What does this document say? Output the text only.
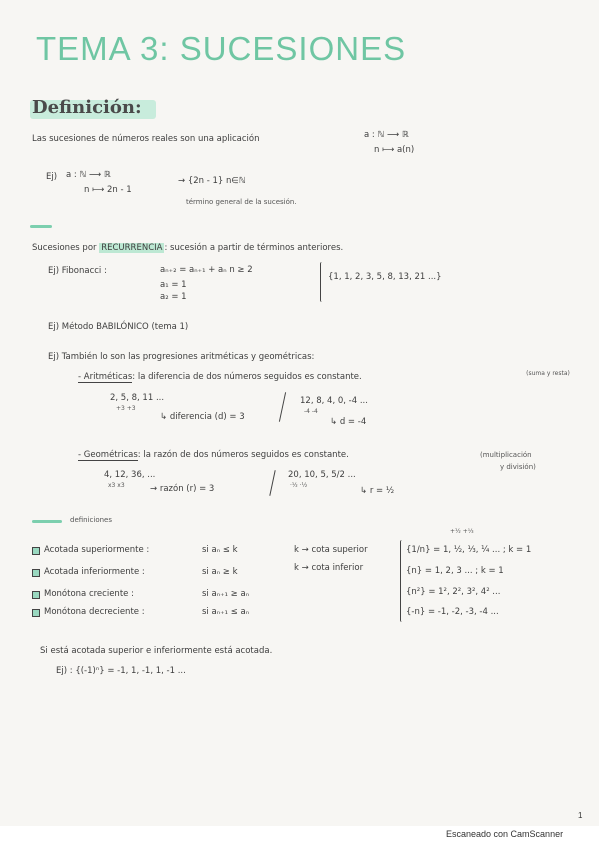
TEMA 3: SUCESIONES
Definición:
Las sucesiones de números reales son una aplicación	a : ℕ ⟶ ℝ
n ⟼ a(n)
Ej) a : ℕ ⟶ ℝ
n ⟼ 2n - 1
→ {2n - 1} n∈ℕ
término general de la sucesión.
Sucesiones por RECURRENCIA : sucesión a partir de términos anteriores.
Ej) Fibonacci :	aₙ₊₂ = aₙ₊₁ + aₙ n ≥ 2
a₁ = 1
a₂ = 1
{1, 1, 2, 3, 5, 8, 13, 21 ...}
Ej) Método BABILÓNICO (tema 1)
Ej) También lo son las progresiones aritméticas y geométricas:
- Aritméticas: la diferencia de dos números seguidos es constante.	(suma y resta)
2, 5, 8, 11 ...
+3 +3
↳ diferencia (d) = 3
12, 8, 4, 0, -4 ...
-4 -4
↳ d = -4
- Geométricas: la razón de dos números seguidos es constante.	(multiplicación
y división)
4, 12, 36, ...
x3 x3	→ razón (r) = 3
20, 10, 5, 5/2 ...
·½ ·½
↳ r = ½
definiciones
+½ +⅓
Acotada superiormente :	si aₙ ≤ k	k → cota superior	{1/n} = 1, ½, ⅓, ¼ ... ; k = 1
Acotada inferiormente :	si aₙ ≥ k	k → cota inferior	{n} = 1, 2, 3 ... ; k = 1
Monótona creciente :	si aₙ₊₁ ≥ aₙ	{n²} = 1², 2², 3², 4² ...
Monótona decreciente :	si aₙ₊₁ ≤ aₙ	{-n} = -1, -2, -3, -4 ...
Si está acotada superior e inferiormente está acotada.
Ej) : {(-1)ⁿ} = -1, 1, -1, 1, -1 ...
1
Escaneado con CamScanner
